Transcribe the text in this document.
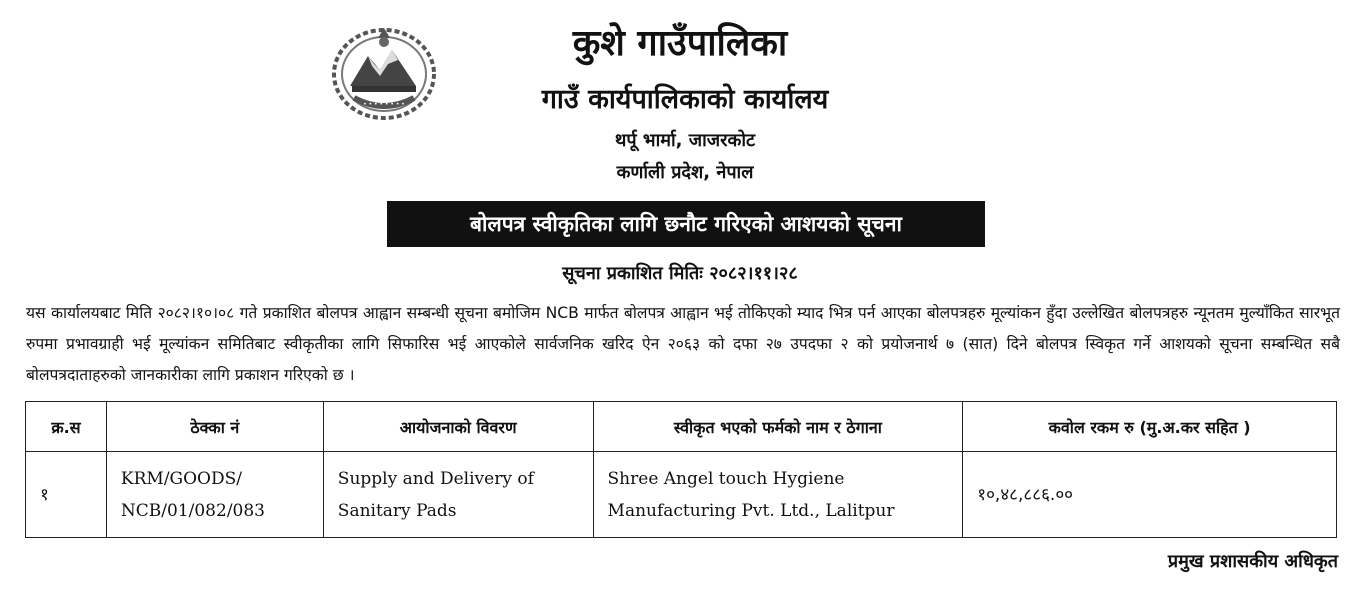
• • • • • • • •
कुशे गाउँपालिका
गाउँ कार्यपालिकाको कार्यालय
थर्पू भार्मा, जाजरकोट
कर्णाली प्रदेश, नेपाल
बोलपत्र स्वीकृतिका लागि छनौट गरिएको आशयको सूचना
सूचना प्रकाशित मितिः २०८२।११।२८
यस कार्यालयबाट मिति २०८२।१०।०८ गते प्रकाशित बोलपत्र आह्वान सम्बन्धी सूचना बमोजिम NCB मार्फत बोलपत्र आह्वान भई तोकिएको म्याद भित्र पर्न आएका बोलपत्रहरु मूल्यांकन हुँदा उल्लेखित बोलपत्रहरु न्यूनतम मुल्याँकित सारभूत रुपमा प्रभावग्राही भई मूल्यांकन समितिबाट स्वीकृतीका लागि सिफारिस भई आएकोले सार्वजनिक खरिद ऐन २०६३ को दफा २७ उपदफा २ को प्रयोजनार्थ ७ (सात) दिने बोलपत्र स्विकृत गर्ने आशयको सूचना सम्बन्धित सबै बोलपत्रदाताहरुको जानकारीका लागि प्रकाशन गरिएको छ ।
क्र.स	ठेक्का नं	आयोजनाको विवरण	स्वीकृत भएको फर्मको नाम र ठेगाना	कवोल रकम रु (मु.अ.कर सहित )
१	KRM/GOODS/ NCB/01/082/083	Supply and Delivery of Sanitary Pads	Shree Angel touch Hygiene Manufacturing Pvt. Ltd., Lalitpur	१०,४८,८८६.००
प्रमुख प्रशासकीय अधिकृत
